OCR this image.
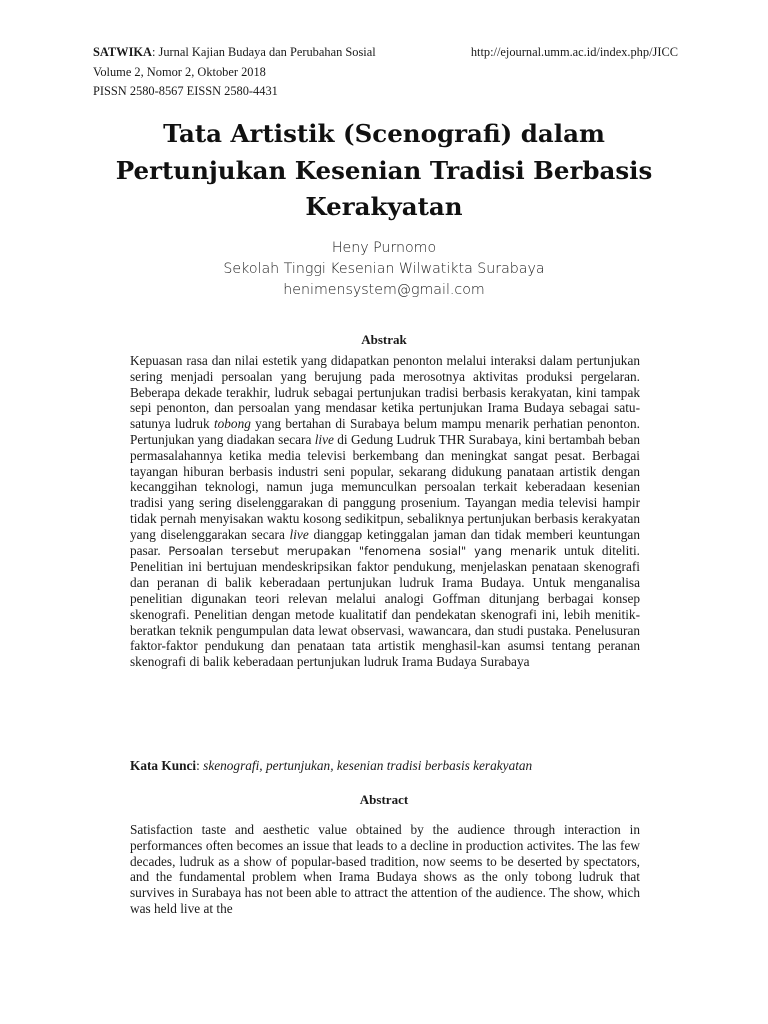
SATWIKA: Jurnal Kajian Budaya dan Perubahan Sosial	http://ejournal.umm.ac.id/index.php/JICC
Volume 2, Nomor 2, Oktober 2018
PISSN 2580-8567 EISSN 2580-4431
Tata Artistik (Scenografi) dalam
Pertunjukan Kesenian Tradisi Berbasis
Kerakyatan
Heny Purnomo
Sekolah Tinggi Kesenian Wilwatikta Surabaya
henimensystem@gmail.com
Abstrak

Kepuasan rasa dan nilai estetik yang didapatkan penonton melalui interaksi dalam pertunjukan sering menjadi persoalan yang berujung pada merosotnya aktivitas produksi pergelaran. Beberapa dekade terakhir, ludruk sebagai pertunjukan tradisi berbasis kerakyatan, kini tampak sepi penonton, dan persoalan yang mendasar ketika pertunjukan Irama Budaya sebagai satu-satunya ludruk tobong yang bertahan di Surabaya belum mampu menarik perhatian penonton. Pertunjukan yang diadakan secara live di Gedung Ludruk THR Surabaya, kini bertambah beban permasalahannya ketika media televisi berkembang dan meningkat sangat pesat. Berbagai tayangan hiburan berbasis industri seni popular, sekarang didukung panataan artistik dengan kecanggihan teknologi, namun juga memunculkan persoalan terkait keberadaan kesenian tradisi yang sering diselenggarakan di panggung prosenium. Tayangan media televisi hampir tidak pernah menyisakan waktu kosong sedikitpun, sebaliknya pertunjukan berbasis kerakyatan yang diselenggarakan secara live dianggap ketinggalan jaman dan tidak memberi keuntungan pasar. Persoalan tersebut merupakan "fenomena sosial" yang menarik untuk diteliti. Penelitian ini bertujuan mendeskripsikan faktor pendukung, menjelaskan penataan skenografi dan peranan di balik keberadaan pertunjukan ludruk Irama Budaya. Untuk menganalisa penelitian digunakan teori relevan melalui analogi Goffman ditunjang berbagai konsep skenografi. Penelitian dengan metode kualitatif dan pendekatan skenografi ini, lebih menitik-beratkan teknik pengumpulan data lewat observasi, wawancara, dan studi pustaka. Penelusuran faktor-faktor pendukung dan penataan tata artistik menghasil-kan asumsi tentang peranan skenografi di balik keberadaan pertunjukan ludruk Irama Budaya Surabaya

Kata Kunci: skenografi, pertunjukan, kesenian tradisi berbasis kerakyatan
Abstract

Satisfaction taste and aesthetic value obtained by the audience through interaction in performances often becomes an issue that leads to a decline in production activites. The las few decades, ludruk as a show of popular-based tradition, now seems to be deserted by spectators, and the fundamental problem when Irama Budaya shows as the only tobong ludruk that survives in Surabaya has not been able to attract the attention of the audience. The show, which was held live at the
